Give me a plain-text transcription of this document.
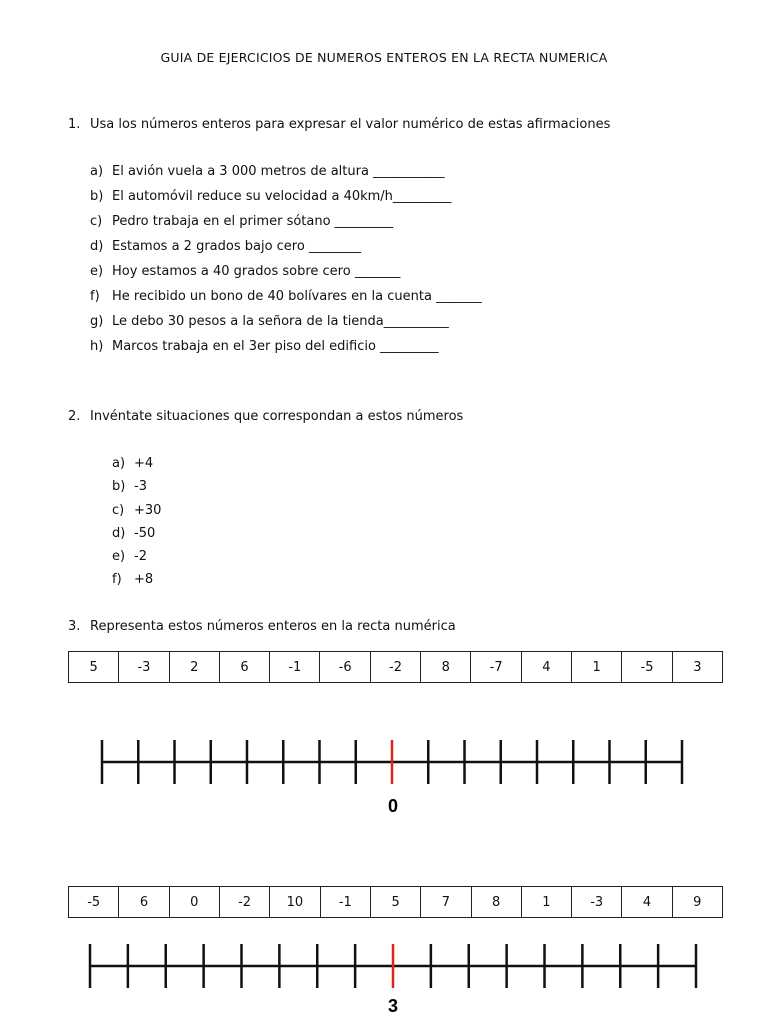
GUIA DE EJERCICIOS DE NUMEROS ENTEROS EN LA RECTA NUMERICA
1. Usa los números enteros para expresar el valor numérico de estas afirmaciones
a) El avión vuela a 3 000 metros de altura ___________
b) El automóvil reduce su velocidad a 40km/h_________
c) Pedro trabaja en el primer sótano _________
d) Estamos a 2 grados bajo cero ________
e) Hoy estamos a 40 grados sobre cero _______
f) He recibido un bono de 40 bolívares en la cuenta _______
g) Le debo 30 pesos a la señora de la tienda__________
h) Marcos trabaja en el 3er piso del edificio _________
2. Invéntate situaciones que correspondan a estos números
a) +4
b) -3
c) +30
d) -50
e) -2
f) +8
3. Representa estos números enteros en la recta numérica
5	-3	2	6	-1	-6	-2	8	-7	4	1	-5	3
0
-5	6	0	-2	10	-1	5	7	8	1	-3	4	9
3
